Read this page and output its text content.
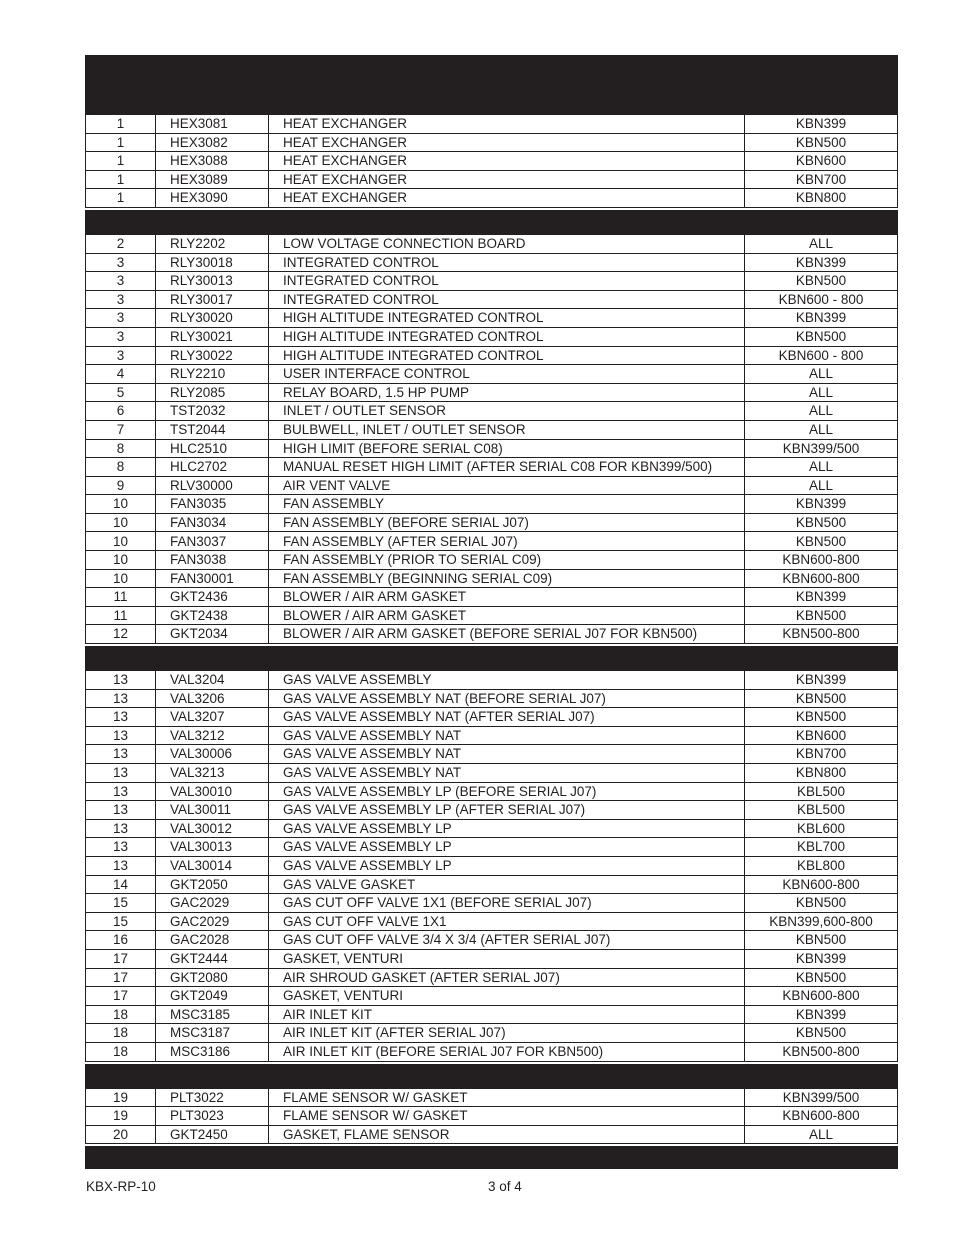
1	HEX3081	HEAT EXCHANGER	KBN399
1	HEX3082	HEAT EXCHANGER	KBN500
1	HEX3088	HEAT EXCHANGER	KBN600
1	HEX3089	HEAT EXCHANGER	KBN700
1	HEX3090	HEAT EXCHANGER	KBN800

2	RLY2202	LOW VOLTAGE CONNECTION BOARD	ALL
3	RLY30018	INTEGRATED CONTROL	KBN399
3	RLY30013	INTEGRATED CONTROL	KBN500
3	RLY30017	INTEGRATED CONTROL	KBN600 - 800
3	RLY30020	HIGH ALTITUDE INTEGRATED CONTROL	KBN399
3	RLY30021	HIGH ALTITUDE INTEGRATED CONTROL	KBN500
3	RLY30022	HIGH ALTITUDE INTEGRATED CONTROL	KBN600 - 800
4	RLY2210	USER INTERFACE CONTROL	ALL
5	RLY2085	RELAY BOARD, 1.5 HP PUMP	ALL
6	TST2032	INLET / OUTLET SENSOR	ALL
7	TST2044	BULBWELL, INLET / OUTLET SENSOR	ALL
8	HLC2510	HIGH LIMIT (BEFORE SERIAL C08)	KBN399/500
8	HLC2702	MANUAL RESET HIGH LIMIT (AFTER SERIAL C08 FOR KBN399/500)	ALL
9	RLV30000	AIR VENT VALVE	ALL
10	FAN3035	FAN ASSEMBLY	KBN399
10	FAN3034	FAN ASSEMBLY (BEFORE SERIAL J07)	KBN500
10	FAN3037	FAN ASSEMBLY (AFTER SERIAL J07)	KBN500
10	FAN3038	FAN ASSEMBLY (PRIOR TO SERIAL C09)	KBN600-800
10	FAN30001	FAN ASSEMBLY (BEGINNING SERIAL C09)	KBN600-800
11	GKT2436	BLOWER / AIR ARM GASKET	KBN399
11	GKT2438	BLOWER / AIR ARM GASKET	KBN500
12	GKT2034	BLOWER / AIR ARM GASKET (BEFORE SERIAL J07 FOR KBN500)	KBN500-800

13	VAL3204	GAS VALVE ASSEMBLY	KBN399
13	VAL3206	GAS VALVE ASSEMBLY NAT (BEFORE SERIAL J07)	KBN500
13	VAL3207	GAS VALVE ASSEMBLY NAT (AFTER SERIAL J07)	KBN500
13	VAL3212	GAS VALVE ASSEMBLY NAT	KBN600
13	VAL30006	GAS VALVE ASSEMBLY NAT	KBN700
13	VAL3213	GAS VALVE ASSEMBLY NAT	KBN800
13	VAL30010	GAS VALVE ASSEMBLY LP (BEFORE SERIAL J07)	KBL500
13	VAL30011	GAS VALVE ASSEMBLY LP (AFTER SERIAL J07)	KBL500
13	VAL30012	GAS VALVE ASSEMBLY LP	KBL600
13	VAL30013	GAS VALVE ASSEMBLY LP	KBL700
13	VAL30014	GAS VALVE ASSEMBLY LP	KBL800
14	GKT2050	GAS VALVE GASKET	KBN600-800
15	GAC2029	GAS CUT OFF VALVE 1X1 (BEFORE SERIAL J07)	KBN500
15	GAC2029	GAS CUT OFF VALVE 1X1	KBN399,600-800
16	GAC2028	GAS CUT OFF VALVE 3/4 X 3/4 (AFTER SERIAL J07)	KBN500
17	GKT2444	GASKET, VENTURI	KBN399
17	GKT2080	AIR SHROUD GASKET (AFTER SERIAL J07)	KBN500
17	GKT2049	GASKET, VENTURI	KBN600-800
18	MSC3185	AIR INLET KIT	KBN399
18	MSC3187	AIR INLET KIT (AFTER SERIAL J07)	KBN500
18	MSC3186	AIR INLET KIT (BEFORE SERIAL J07 FOR KBN500)	KBN500-800

19	PLT3022	FLAME SENSOR W/ GASKET	KBN399/500
19	PLT3023	FLAME SENSOR W/ GASKET	KBN600-800
20	GKT2450	GASKET, FLAME SENSOR	ALL

KBX-RP-10	3 of 4
